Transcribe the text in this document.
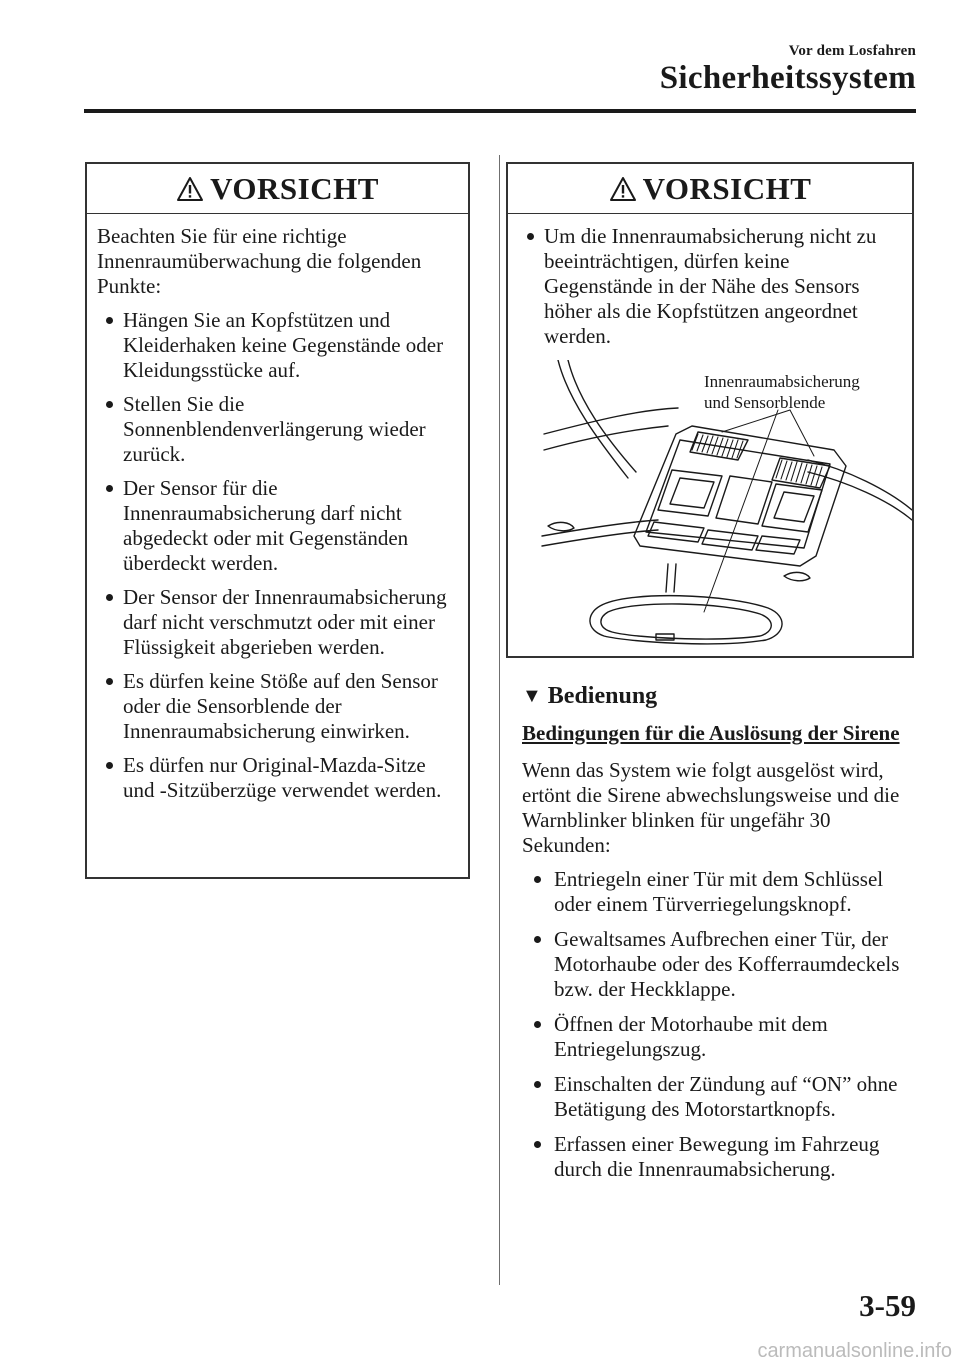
Vor dem Losfahren
Sicherheitssystem
VORSICHT

Beachten Sie für eine richtige Innenraumüberwachung die folgenden Punkte:

Hängen Sie an Kopfstützen und Kleiderhaken keine Gegenstände oder Kleidungsstücke auf.
Stellen Sie die Sonnenblendenverlängerung wieder zurück.
Der Sensor für die Innenraumabsicherung darf nicht abgedeckt oder mit Gegenständen überdeckt werden.
Der Sensor der Innenraumabsicherung darf nicht verschmutzt oder mit einer Flüssigkeit abgerieben werden.
Es dürfen keine Stöße auf den Sensor oder die Sensorblende der Innenraumabsicherung einwirken.
Es dürfen nur Original-Mazda-Sitze und -Sitzüberzüge verwendet werden.
VORSICHT
Um die Innenraumabsicherung nicht zu beeinträchtigen, dürfen keine Gegenstände in der Nähe des Sensors höher als die Kopfstützen angeordnet werden.
Innenraumabsicherung
und Sensorblende
▼ Bedienung
Bedingungen für die Auslösung der Sirene

Wenn das System wie folgt ausgelöst wird, ertönt die Sirene abwechslungsweise und die Warnblinker blinken für ungefähr 30 Sekunden:

Entriegeln einer Tür mit dem Schlüssel oder einem Türverriegelungsknopf.
Gewaltsames Aufbrechen einer Tür, der Motorhaube oder des Kofferraumdeckels bzw. der Heckklappe.
Öffnen der Motorhaube mit dem Entriegelungszug.
Einschalten der Zündung auf “ON” ohne Betätigung des Motorstartknopfs.
Erfassen einer Bewegung im Fahrzeug durch die Innenraumabsicherung.
3-59
carmanualsonline.info
